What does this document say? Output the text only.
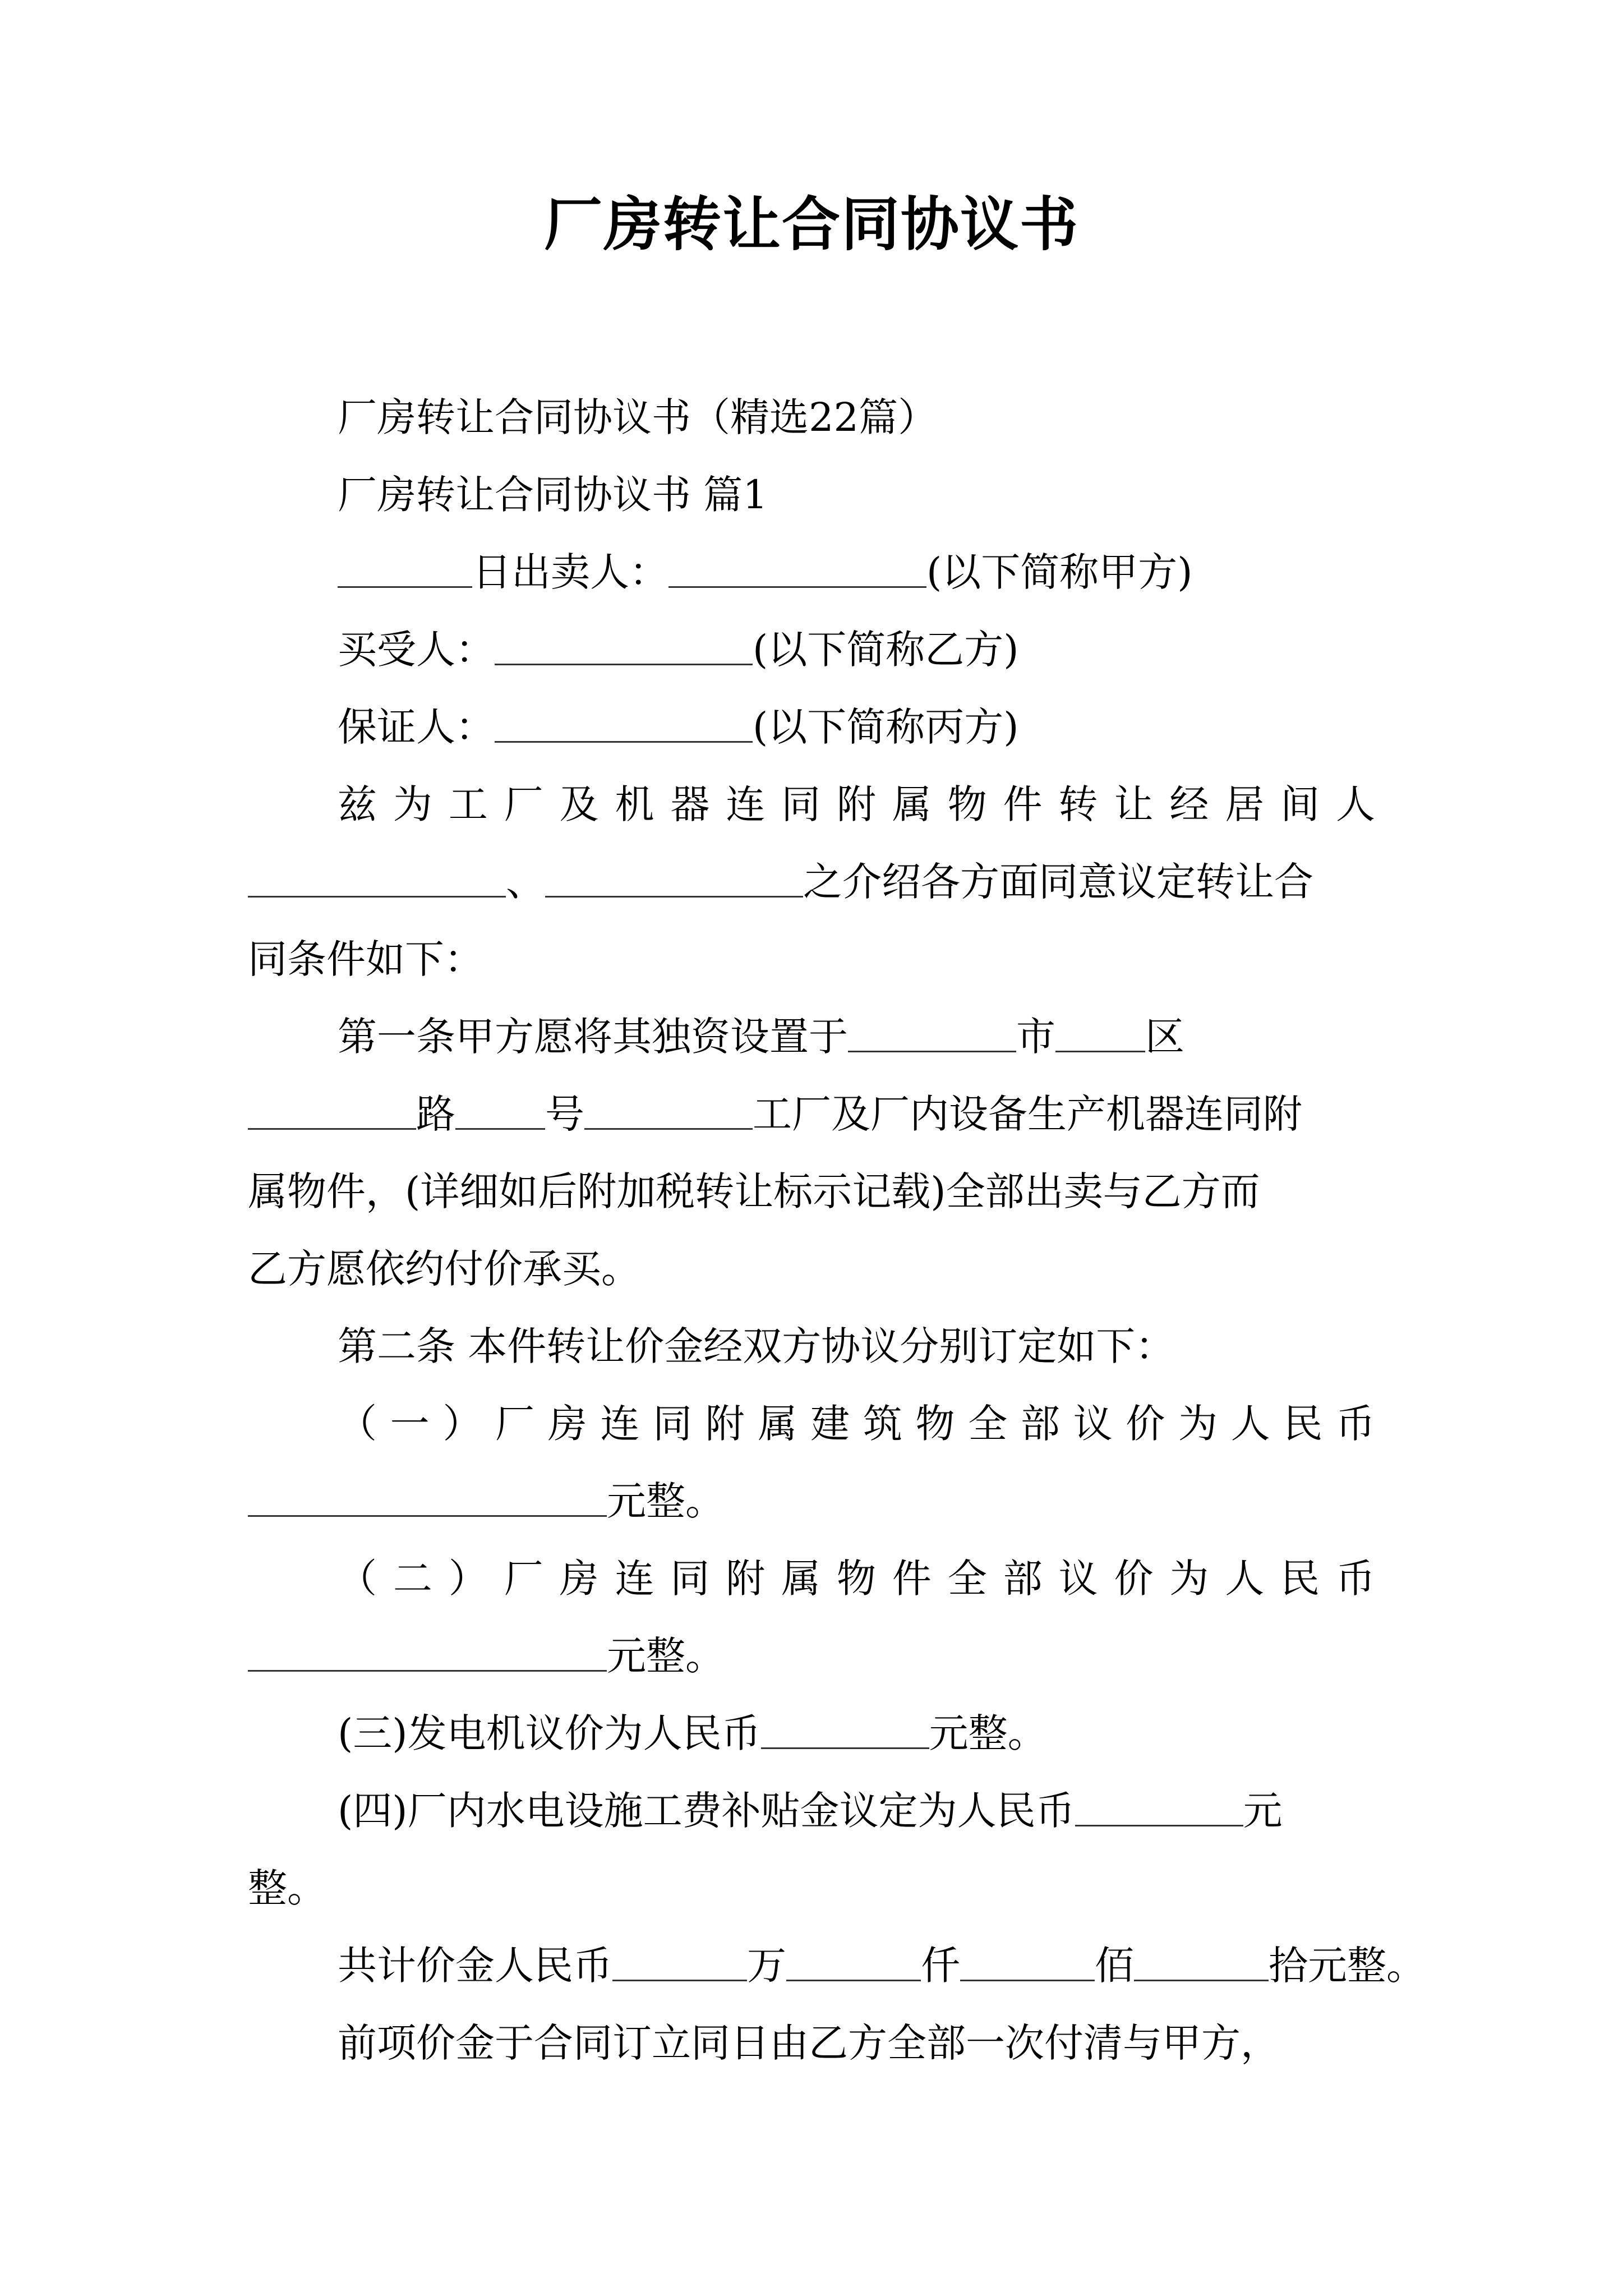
厂房转让合同协议书

厂房转让合同协议书（精选22篇）

厂房转让合同协议书 篇1

日出卖人：	(以下简称甲方)

买受人：	(以下简称乙方)

保证人：	(以下简称丙方)

兹为工厂及机器连同附属物件转让经居间人

、	之介绍各方面同意议定转让合

同条件如下：

第一条甲方愿将其独资设置于	市 区

路 号	工厂及厂内设备生产机器连同附

属物件，(详细如后附加税转让标示记载)全部出卖与乙方而

乙方愿依约付价承买。

第二条 本件转让价金经双方协议分别订定如下：

（一）厂房连同附属建筑物全部议价为人民币

元整。

（二）厂房连同附属物件全部议价为人民币

元整。

(三)发电机议价为人民币	元整。

(四)厂内水电设施工费补贴金议定为人民币	元

整。

共计价金人民币	万	仟	佰	拾元整。

前项价金于合同订立同日由乙方全部一次付清与甲方，
